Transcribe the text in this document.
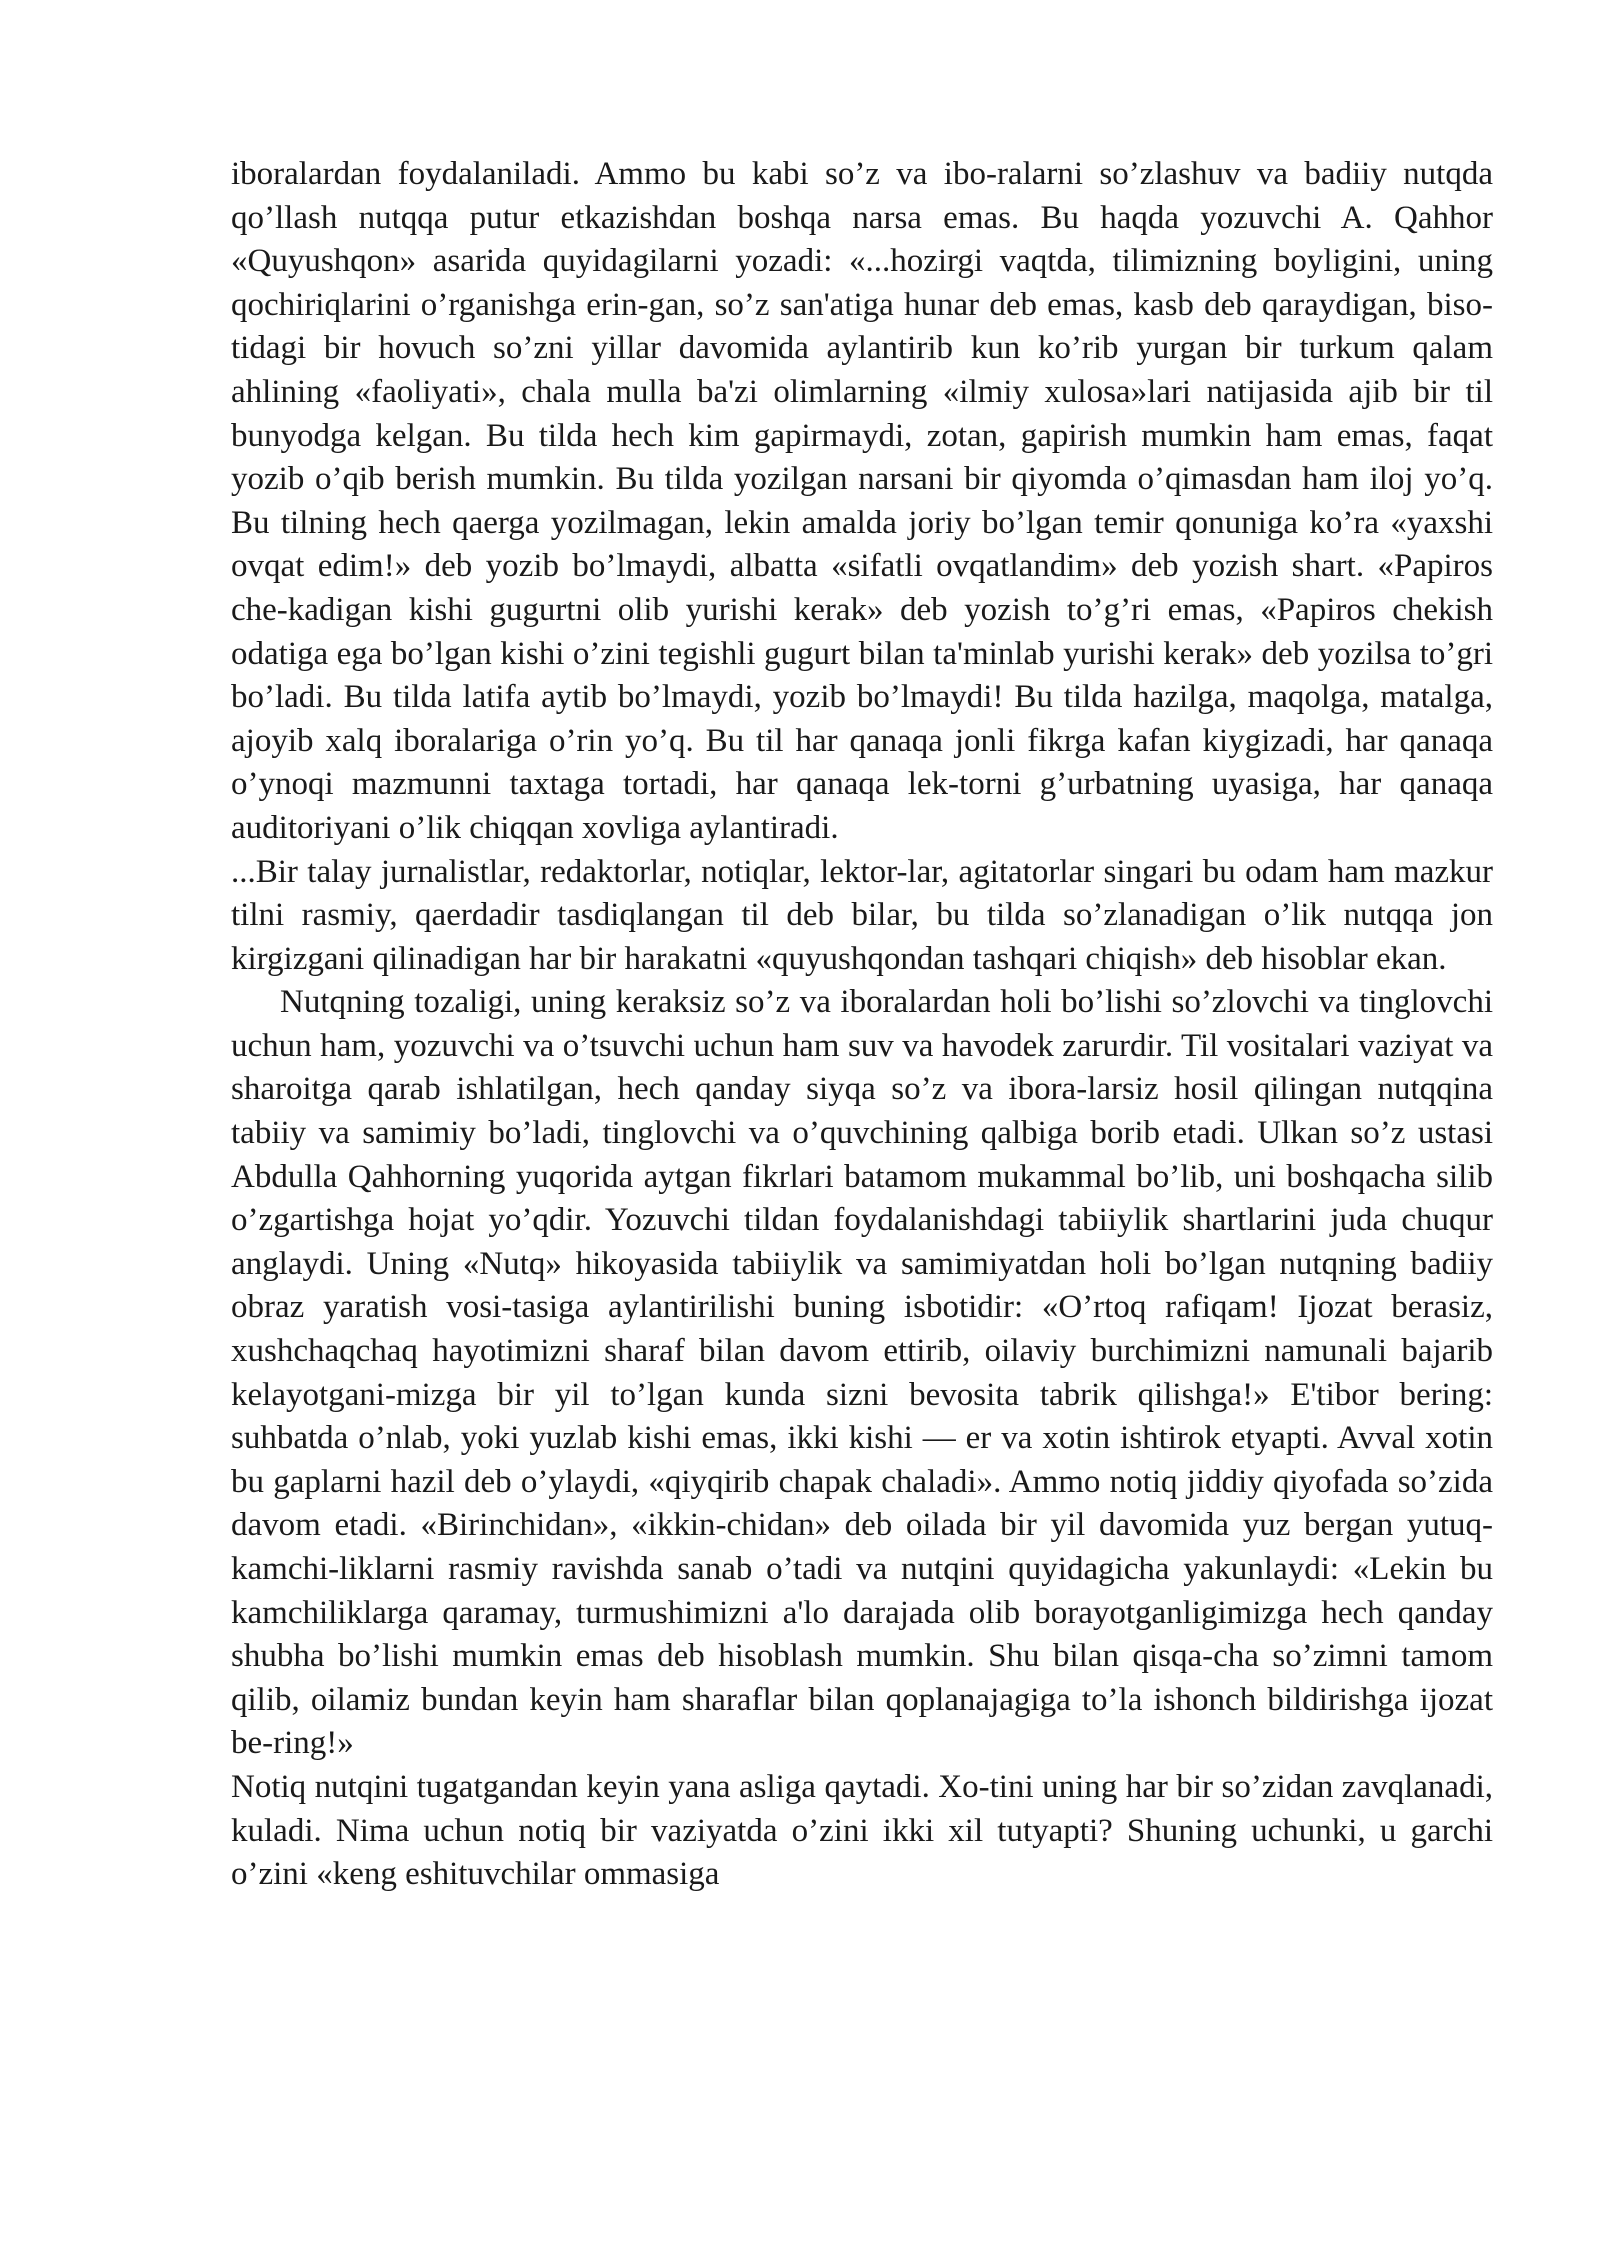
iboralardan foydalaniladi. Ammo bu kabi so’z va ibo-ralarni so’zlashuv va badiiy nutqda qo’llash nutqqa putur etkazishdan boshqa narsa emas. Bu haqda yozuvchi A. Qahhor «Quyushqon» asarida quyidagilarni yozadi: «...hozirgi vaqtda, tilimizning boyligini, uning qochiriqlarini o’rganishga erin-gan, so’z san'atiga hunar deb emas, kasb deb qaraydigan, biso-tidagi bir hovuch so’zni yillar davomida aylantirib kun ko’rib yurgan bir turkum qalam ahlining «faoliyati», chala mulla ba'zi olimlarning «ilmiy xulosa»lari natijasida ajib bir til bunyodga kelgan. Bu tilda hech kim gapirmaydi, zotan, gapirish mumkin ham emas, faqat yozib o’qib berish mumkin. Bu tilda yozilgan narsani bir qiyomda o’qimasdan ham iloj yo’q. Bu tilning hech qaerga yozilmagan, lekin amalda joriy bo’lgan temir qonuniga ko’ra «yaxshi ovqat edim!» deb yozib bo’lmaydi, albatta «sifatli ovqatlandim» deb yozish shart. «Papiros che-kadigan kishi gugurtni olib yurishi kerak» deb yozish to’g’ri emas, «Papiros chekish odatiga ega bo’lgan kishi o’zini tegishli gugurt bilan ta'minlab yurishi kerak» deb yozilsa to’gri bo’ladi. Bu tilda latifa aytib bo’lmaydi, yozib bo’lmaydi! Bu tilda hazilga, maqolga, matalga, ajoyib xalq iboralariga o’rin yo’q. Bu til har qanaqa jonli fikrga kafan kiygizadi, har qanaqa o’ynoqi mazmunni taxtaga tortadi, har qanaqa lek-torni g’urbatning uyasiga, har qanaqa auditoriyani o’lik chiqqan xovliga aylantiradi.

...Bir talay jurnalistlar, redaktorlar, notiqlar, lektor-lar, agitatorlar singari bu odam ham mazkur tilni rasmiy, qaerdadir tasdiqlangan til deb bilar, bu tilda so’zlanadigan o’lik nutqqa jon kirgizgani qilinadigan har bir harakatni «quyushqondan tashqari chiqish» deb hisoblar ekan.

Nutqning tozaligi, uning keraksiz so’z va iboralardan holi bo’lishi so’zlovchi va tinglovchi uchun ham, yozuvchi va o’tsuvchi uchun ham suv va havodek zarurdir. Til vositalari vaziyat va sharoitga qarab ishlatilgan, hech qanday siyqa so’z va ibora-larsiz hosil qilingan nutqqina tabiiy va samimiy bo’ladi, tinglovchi va o’quvchining qalbiga borib etadi. Ulkan so’z ustasi Abdulla Qahhorning yuqorida aytgan fikrlari batamom mukammal bo’lib, uni boshqacha silib o’zgartishga hojat yo’qdir. Yozuvchi tildan foydalanishdagi tabiiylik shartlarini juda chuqur anglaydi. Uning «Nutq» hikoyasida tabiiylik va samimiyatdan holi bo’lgan nutqning badiiy obraz yaratish vosi-tasiga aylantirilishi buning isbotidir: «O’rtoq rafiqam! Ijozat berasiz, xushchaqchaq hayotimizni sharaf bilan davom ettirib, oilaviy burchimizni namunali bajarib kelayotgani-mizga bir yil to’lgan kunda sizni bevosita tabrik qilishga!» E'tibor bering: suhbatda o’nlab, yoki yuzlab kishi emas, ikki kishi — er va xotin ishtirok etyapti. Avval xotin bu gaplarni hazil deb o’ylaydi, «qiyqirib chapak chaladi». Ammo notiq jiddiy qiyofada so’zida davom etadi. «Birinchidan», «ikkin-chidan» deb oilada bir yil davomida yuz bergan yutuq-kamchi-liklarni rasmiy ravishda sanab o’tadi va nutqini quyidagicha yakunlaydi: «Lekin bu kamchiliklarga qaramay, turmushimizni a'lo darajada olib borayotganligimizga hech qanday shubha bo’lishi mumkin emas deb hisoblash mumkin. Shu bilan qisqa-cha so’zimni tamom qilib, oilamiz bundan keyin ham sharaflar bilan qoplanajagiga to’la ishonch bildirishga ijozat be-ring!»

Notiq nutqini tugatgandan keyin yana asliga qaytadi. Xo-tini uning har bir so’zidan zavqlanadi, kuladi. Nima uchun notiq bir vaziyatda o’zini ikki xil tutyapti? Shuning uchunki, u garchi o’zini «keng eshituvchilar ommasiga
